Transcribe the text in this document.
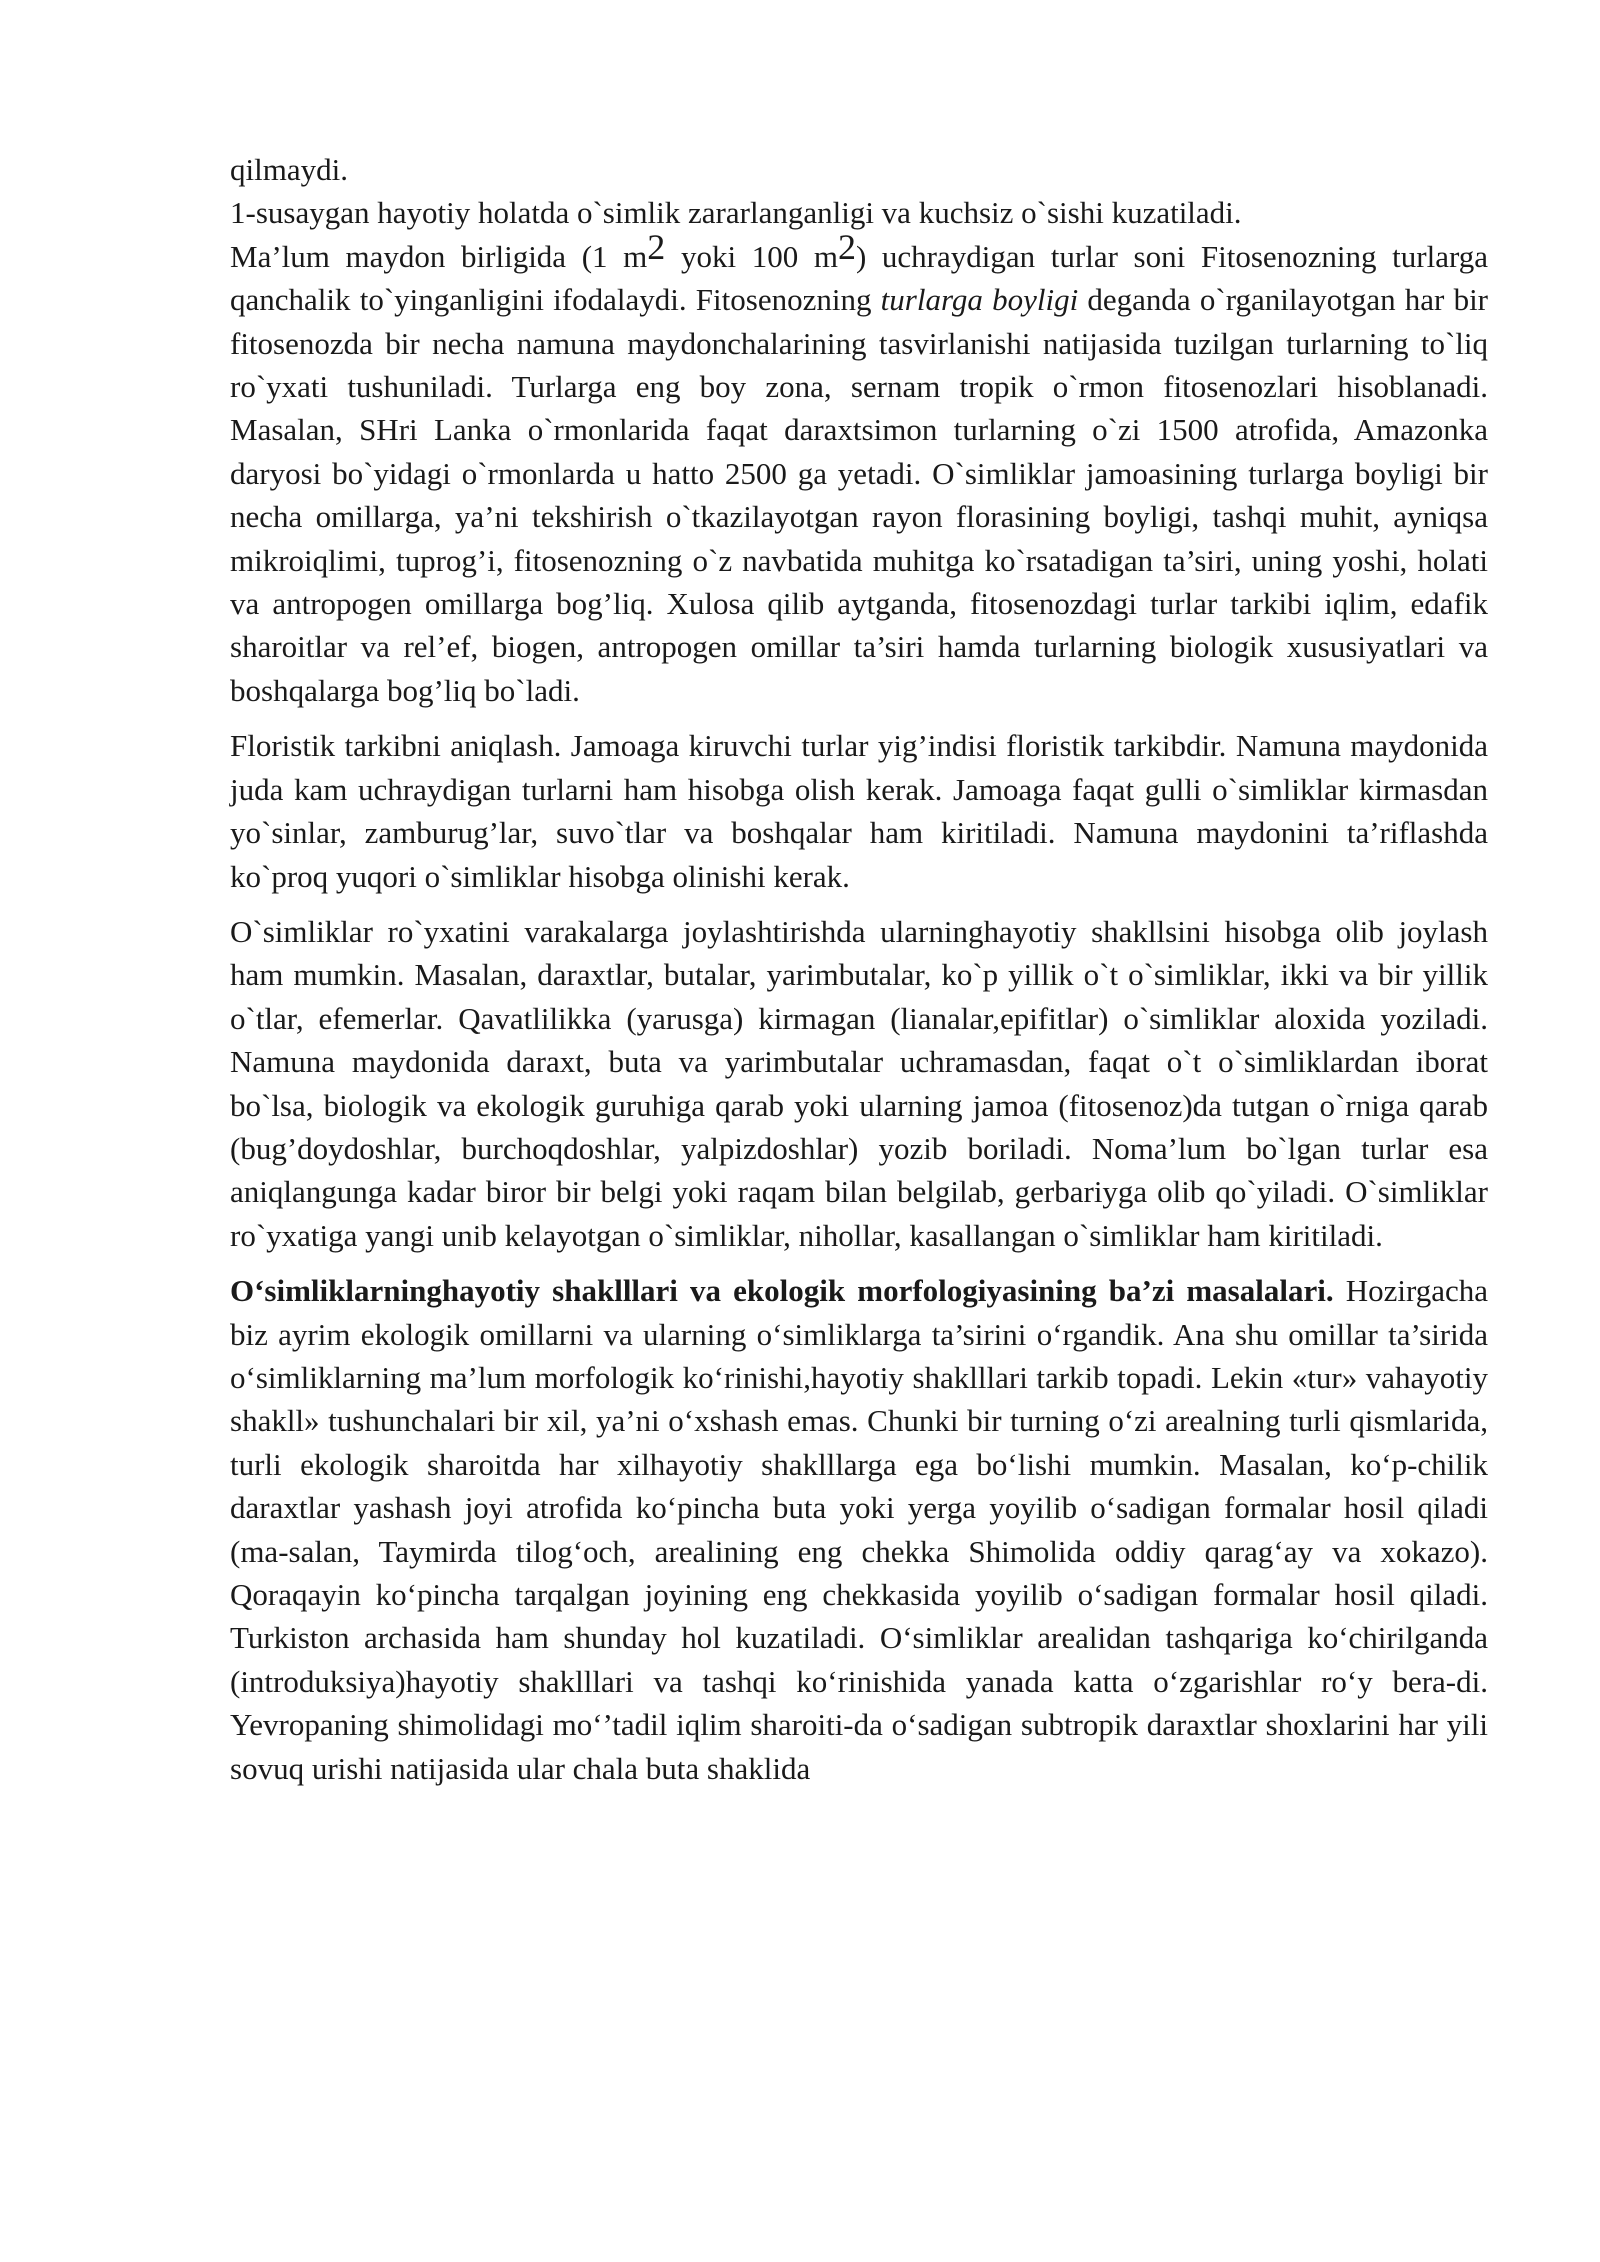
qilmaydi.

1-susaygan hayotiy holatda o`simlik zararlanganligi va kuchsiz o`sishi kuzatiladi.

Ma’lum maydon birligida (1 $m^2$ yoki 100 $m^2$) uchraydigan turlar soni Fitosenozning turlarga qanchalik to`yinganligini ifodalaydi. Fitosenozning turlarga boyligi deganda o`rganilayotgan har bir fitosenozda bir necha namuna maydonchalarining tasvirlanishi natijasida tuzilgan turlarning to`liq ro`yxati tushuniladi. Turlarga eng boy zona, sernam tropik o`rmon fitosenozlari hisoblanadi. Masalan, SHri Lanka o`rmonlarida faqat daraxtsimon turlarning o`zi 1500 atrofida, Amazonka daryosi bo`yidagi o`rmonlarda u hatto 2500 ga yetadi. O`simliklar jamoasining turlarga boyligi bir necha omillarga, ya’ni tekshirish o`tkazilayotgan rayon florasining boyligi, tashqi muhit, ayniqsa mikroiqlimi, tuprog’i, fitosenozning o`z navbatida muhitga ko`rsatadigan ta’siri, uning yoshi, holati va antropogen omillarga bog’liq. Xulosa qilib aytganda, fitosenozdagi turlar tarkibi iqlim, edafik sharoitlar va rel’ef, biogen, antropogen omillar ta’siri hamda turlarning biologik xususiyatlari va boshqalarga bog’liq bo`ladi.

Floristik tarkibni aniqlash. Jamoaga kiruvchi turlar yig’indisi floristik tarkibdir. Namuna maydonida juda kam uchraydigan turlarni ham hisobga olish kerak. Jamoaga faqat gulli o`simliklar kirmasdan yo`sinlar, zamburug’lar, suvo`tlar va boshqalar ham kiritiladi. Namuna maydonini ta’riflashda ko`proq yuqori o`simliklar hisobga olinishi kerak.

O`simliklar ro`yxatini varakalarga joylashtirishda ularninghayotiy shakllsini hisobga olib joylash ham mumkin. Masalan, daraxtlar, butalar, yarimbutalar, ko`p yillik o`t o`simliklar, ikki va bir yillik o`tlar, efemerlar. Qavatlilikka (yarusga) kirmagan (lianalar,epifitlar) o`simliklar aloxida yoziladi. Namuna maydonida daraxt, buta va yarimbutalar uchramasdan, faqat o`t o`simliklardan iborat bo`lsa, biologik va ekologik guruhiga qarab yoki ularning jamoa (fitosenoz)da tutgan o`rniga qarab (bug’doydoshlar, burchoqdoshlar, yalpizdoshlar) yozib boriladi. Noma’lum bo`lgan turlar esa aniqlangunga kadar biror bir belgi yoki raqam bilan belgilab, gerbariyga olib qo`yiladi. O`simliklar ro`yxatiga yangi unib kelayotgan o`simliklar, nihollar, kasallangan o`simliklar ham kiritiladi.

O‘simliklarninghayotiy shaklllari va ekologik morfologiyasining ba’zi masalalari. Hozirgacha biz ayrim ekologik omillarni va ularning o‘simliklarga ta’sirini o‘rgandik. Ana shu omillar ta’sirida o‘simliklarning ma’lum morfologik ko‘rinishi,hayotiy shaklllari tarkib topadi. Lekin «tur» vahayotiy shakll» tushunchalari bir xil, ya’ni o‘xshash emas. Chunki bir turning o‘zi arealning turli qismlarida, turli ekologik sharoitda har xilhayotiy shaklllarga ega bo‘lishi mumkin. Masalan, ko‘p-chilik daraxtlar yashash joyi atrofida ko‘pincha buta yoki yerga yoyilib o‘sadigan formalar hosil qiladi (ma-salan, Taymirda tilog‘och, arealining eng chekka Shimolida oddiy qarag‘ay va xokazo). Qoraqayin ko‘pincha tarqalgan joyining eng chekkasida yoyilib o‘sadigan formalar hosil qiladi. Turkiston archasida ham shunday hol kuzatiladi. O‘simliklar arealidan tashqariga ko‘chirilganda (introduksiya)hayotiy shaklllari va tashqi ko‘rinishida yanada katta o‘zgarishlar ro‘y bera-di. Yevropaning shimolidagi mo‘’tadil iqlim sharoiti-da o‘sadigan subtropik daraxtlar shoxlarini har yili sovuq urishi natijasida ular chala buta shaklida
